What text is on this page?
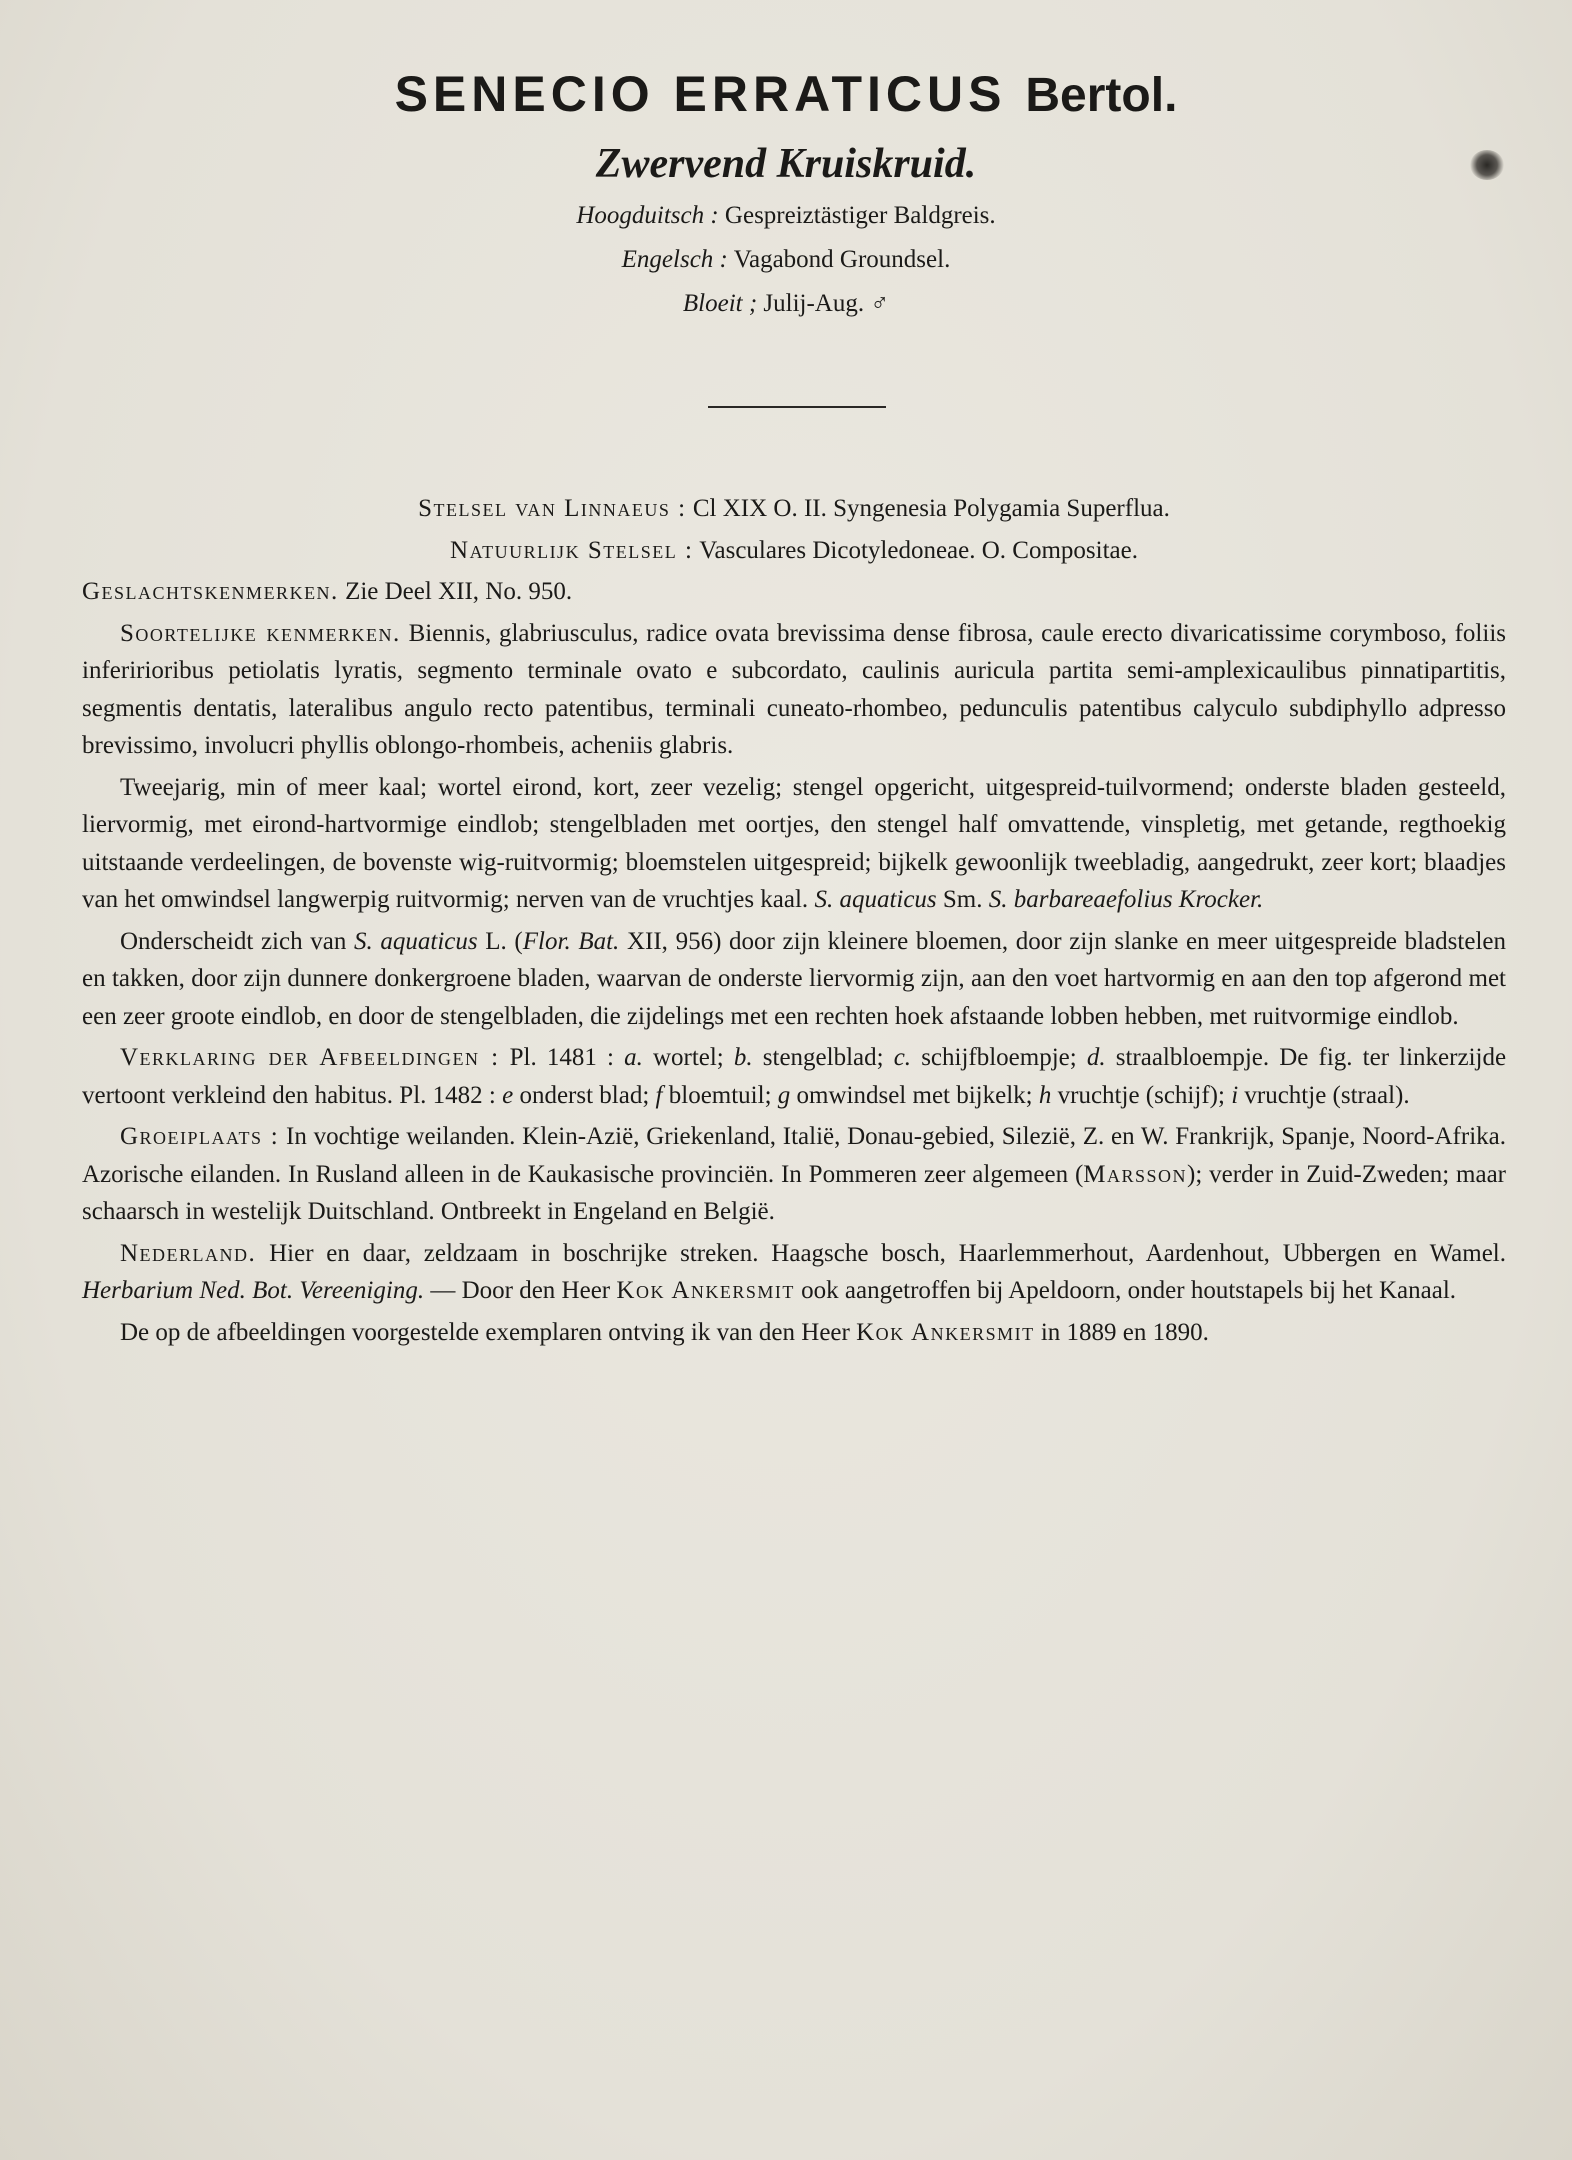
SENECIO ERRATICUS Bertol.
Zwervend Kruiskruid.
Hoogduitsch : Gespreiztästiger Baldgreis.
Engelsch : Vagabond Groundsel.
Bloeit ; Julij-Aug. ♂

Stelsel van Linnaeus : Cl XIX O. II. Syngenesia Polygamia Superflua.

Natuurlijk Stelsel : Vasculares Dicotyledoneae. O. Compositae.

Geslachtskenmerken. Zie Deel XII, No. 950.

Soortelijke kenmerken. Biennis, glabriusculus, radice ovata brevissima dense fibrosa, caule erecto divaricatissime corymboso, foliis inferirioribus petiolatis lyratis, segmento terminale ovato e subcordato, caulinis auricula partita semi-amplexicaulibus pinnatipartitis, segmentis dentatis, lateralibus angulo recto patentibus, terminali cuneato-rhombeo, pedunculis patentibus calyculo subdiphyllo adpresso brevissimo, involucri phyllis oblongo-rhombeis, acheniis glabris.

Tweejarig, min of meer kaal; wortel eirond, kort, zeer vezelig; stengel opgericht, uitgespreid-tuilvormend; onderste bladen gesteeld, liervormig, met eirond-hartvormige eindlob; stengelbladen met oortjes, den stengel half omvattende, vinspletig, met getande, regthoekig uitstaande verdeelingen, de bovenste wig-ruitvormig; bloemstelen uitgespreid; bijkelk gewoonlijk tweebladig, aangedrukt, zeer kort; blaadjes van het omwindsel langwerpig ruitvormig; nerven van de vruchtjes kaal. S. aquaticus Sm. S. barbareaefolius Krocker.

Onderscheidt zich van S. aquaticus L. (Flor. Bat. XII, 956) door zijn kleinere bloemen, door zijn slanke en meer uitgespreide bladstelen en takken, door zijn dunnere donkergroene bladen, waarvan de onderste liervormig zijn, aan den voet hartvormig en aan den top afgerond met een zeer groote eindlob, en door de stengelbladen, die zijdelings met een rechten hoek afstaande lobben hebben, met ruitvormige eindlob.

Verklaring der Afbeeldingen : Pl. 1481 : a. wortel; b. stengelblad; c. schijfbloempje; d. straalbloempje. De fig. ter linkerzijde vertoont verkleind den habitus. Pl. 1482 : e onderst blad; f bloemtuil; g omwindsel met bijkelk; h vruchtje (schijf); i vruchtje (straal).

Groeiplaats : In vochtige weilanden. Klein-Azië, Griekenland, Italië, Donau-gebied, Silezië, Z. en W. Frankrijk, Spanje, Noord-Afrika. Azorische eilanden. In Rusland alleen in de Kaukasische provinciën. In Pommeren zeer algemeen (Marsson); verder in Zuid-Zweden; maar schaarsch in westelijk Duitschland. Ontbreekt in Engeland en België.

Nederland. Hier en daar, zeldzaam in boschrijke streken. Haagsche bosch, Haarlemmerhout, Aardenhout, Ubbergen en Wamel. Herbarium Ned. Bot. Vereeniging. — Door den Heer Kok Ankersmit ook aangetroffen bij Apeldoorn, onder houtstapels bij het Kanaal.

De op de afbeeldingen voorgestelde exemplaren ontving ik van den Heer Kok Ankersmit in 1889 en 1890.
